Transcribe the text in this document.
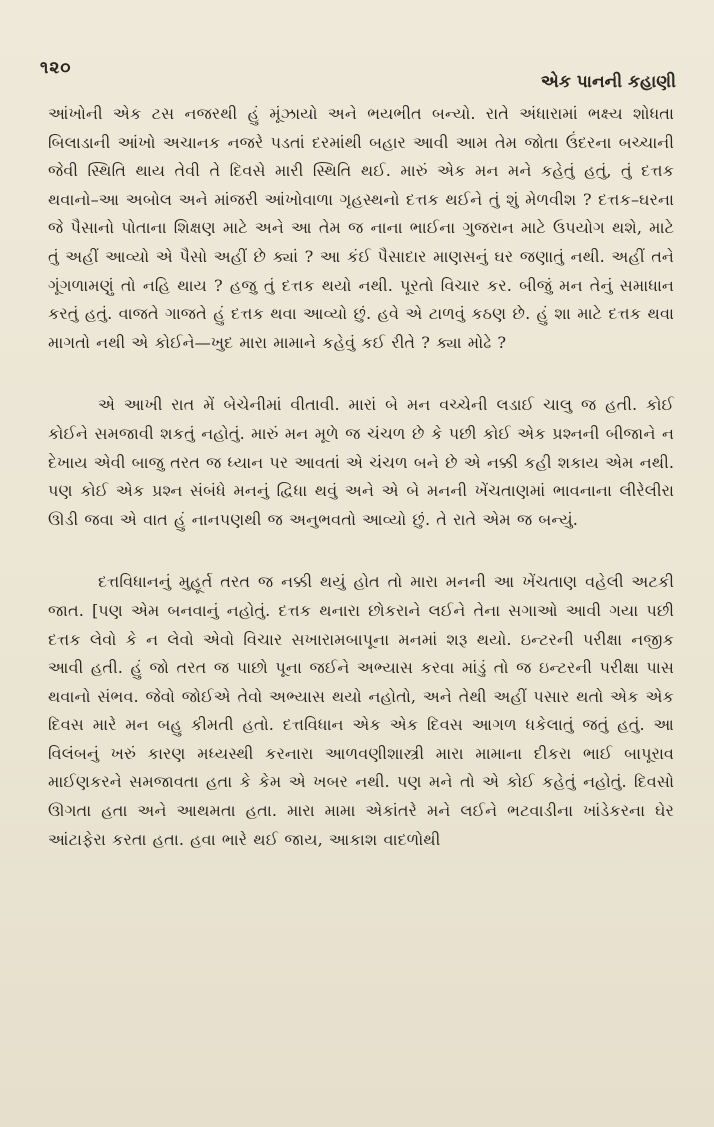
૧૨૦
એક પાનની કહાણી

આંખોની એક ટસ નજરથી હું મૂંઝાયો અને ભયભીત બન્યો. રાતે અંધારામાં ભક્ષ્ય શોધતા બિલાડાની આંખો અચાનક નજરે પડતાં દરમાંથી બહાર આવી આમ તેમ જોતા ઉંદરના બચ્ચાની જેવી સ્થિતિ થાય તેવી તે દિવસે મારી સ્થિતિ થઈ. મારું એક મન મને કહેતું હતું, તું દત્તક થવાનો–આ અબોલ અને માંજરી આંખોવાળા ગૃહસ્થનો દત્તક થઈને તું શું મેળવીશ ? દત્તક–ઘરના જે પૈસાનો પોતાના શિક્ષણ માટે અને આ તેમ જ નાના ભાઈના ગુજરાન માટે ઉપયોગ થશે, માટે તું અહીં આવ્યો એ પૈસો અહીં છે ક્યાં ? આ કંઈ પૈસાદાર માણસનું ઘર જણાતું નથી. અહીં તને ગૂંગળામણું તો નહિ થાય ? હજુ તું દત્તક થયો નથી. પૂરતો વિચાર કર. બીજું મન તેનું સમાધાન કરતું હતું. વાજતે ગાજતે હું દત્તક થવા આવ્યો છું. હવે એ ટાળવું કઠણ છે. હું શા માટે દત્તક થવા માગતો નથી એ કોઈને—ખુદ મારા મામાને કહેવું કઈ રીતે ? ક્યા મોઢે ?

એ આખી રાત મેં બેચેનીમાં વીતાવી. મારાં બે મન વચ્ચેની લડાઈ ચાલુ જ હતી. કોઈ કોઈને સમજાવી શકતું નહોતું. મારું મન મૂળે જ ચંચળ છે કે પછી કોઈ એક પ્રશ્નની બીજાને ન દેખાય એવી બાજુ તરત જ ધ્યાન પર આવતાં એ ચંચળ બને છે એ નક્કી કહી શકાય એમ નથી. પણ કોઈ એક પ્રશ્ન સંબંધે મનનું દ્વિધા થવું અને એ બે મનની ખેંચતાણમાં ભાવનાના લીરેલીરા ઊડી જવા એ વાત હું નાનપણથી જ અનુભવતો આવ્યો છું. તે રાતે એમ જ બન્યું.

દત્તવિધાનનું મુહૂર્ત તરત જ નક્કી થયું હોત તો મારા મનની આ ખેંચતાણ વહેલી અટકી જાત. [પણ એમ બનવાનું નહોતું. દત્તક થનારા છોકરાને લઈને તેના સગાઓ આવી ગયા પછી દત્તક લેવો કે ન લેવો એવો વિચાર સખારામબાપૂના મનમાં શરૂ થયો. ઇન્ટરની પરીક્ષા નજીક આવી હતી. હું જો તરત જ પાછો પૂના જઈને અભ્યાસ કરવા માંડું તો જ ઇન્ટરની પરીક્ષા પાસ થવાનો સંભવ. જેવો જોઈએ તેવો અભ્યાસ થયો નહોતો, અને તેથી અહીં પસાર થતો એક એક દિવસ મારે મન બહુ કીમતી હતો. દત્તવિધાન એક એક દિવસ આગળ ધકેલાતું જતું હતું. આ વિલંબનું ખરું કારણ મધ્યસ્થી કરનારા આળવણીશાસ્ત્રી મારા મામાના દીકરા ભાઈ બાપૂરાવ માઈણકરને સમજાવતા હતા કે કેમ એ ખબર નથી. પણ મને તો એ કોઈ કહેતું નહોતું. દિવસો ઊગતા હતા અને આથમતા હતા. મારા મામા એકાંતરે મને લઈને ભટવાડીના ખાંડેકરના ઘેર આંટાફેરા કરતા હતા. હવા ભારે થઈ જાય, આકાશ વાદળોથી
